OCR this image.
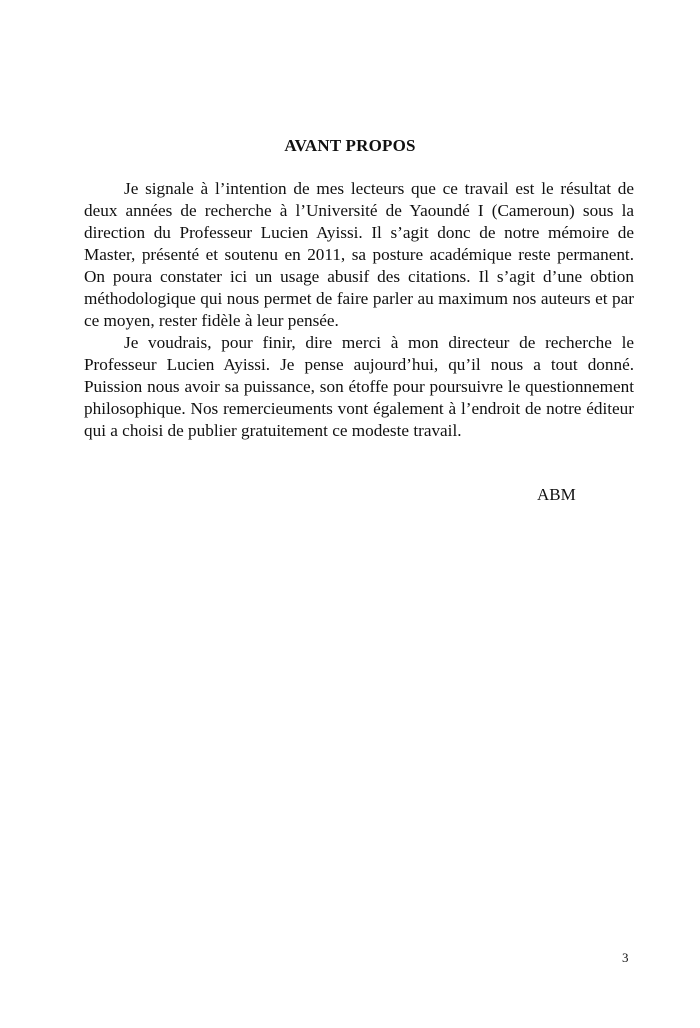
AVANT PROPOS

Je signale à l’intention de mes lecteurs que ce travail est le résultat de deux années de recherche à l’Université de Yaoundé I (Cameroun) sous la direction du Professeur Lucien Ayissi. Il s’agit donc de notre mémoire de Master, présenté et soutenu en 2011, sa posture académique reste permanent. On poura constater ici un usage abusif des citations. Il s’agit d’une obtion méthodologique qui nous permet de faire parler au maximum nos auteurs et par ce moyen, rester fidèle à leur pensée.

Je voudrais, pour finir, dire merci à mon directeur de recherche le Professeur Lucien Ayissi. Je pense aujourd’hui, qu’il nous a tout donné. Puission nous avoir sa puissance, son étoffe pour poursuivre le questionnement philosophique. Nos remercieuments vont également à l’endroit de notre éditeur qui a choisi de publier gratuitement ce modeste travail.

ABM
3
